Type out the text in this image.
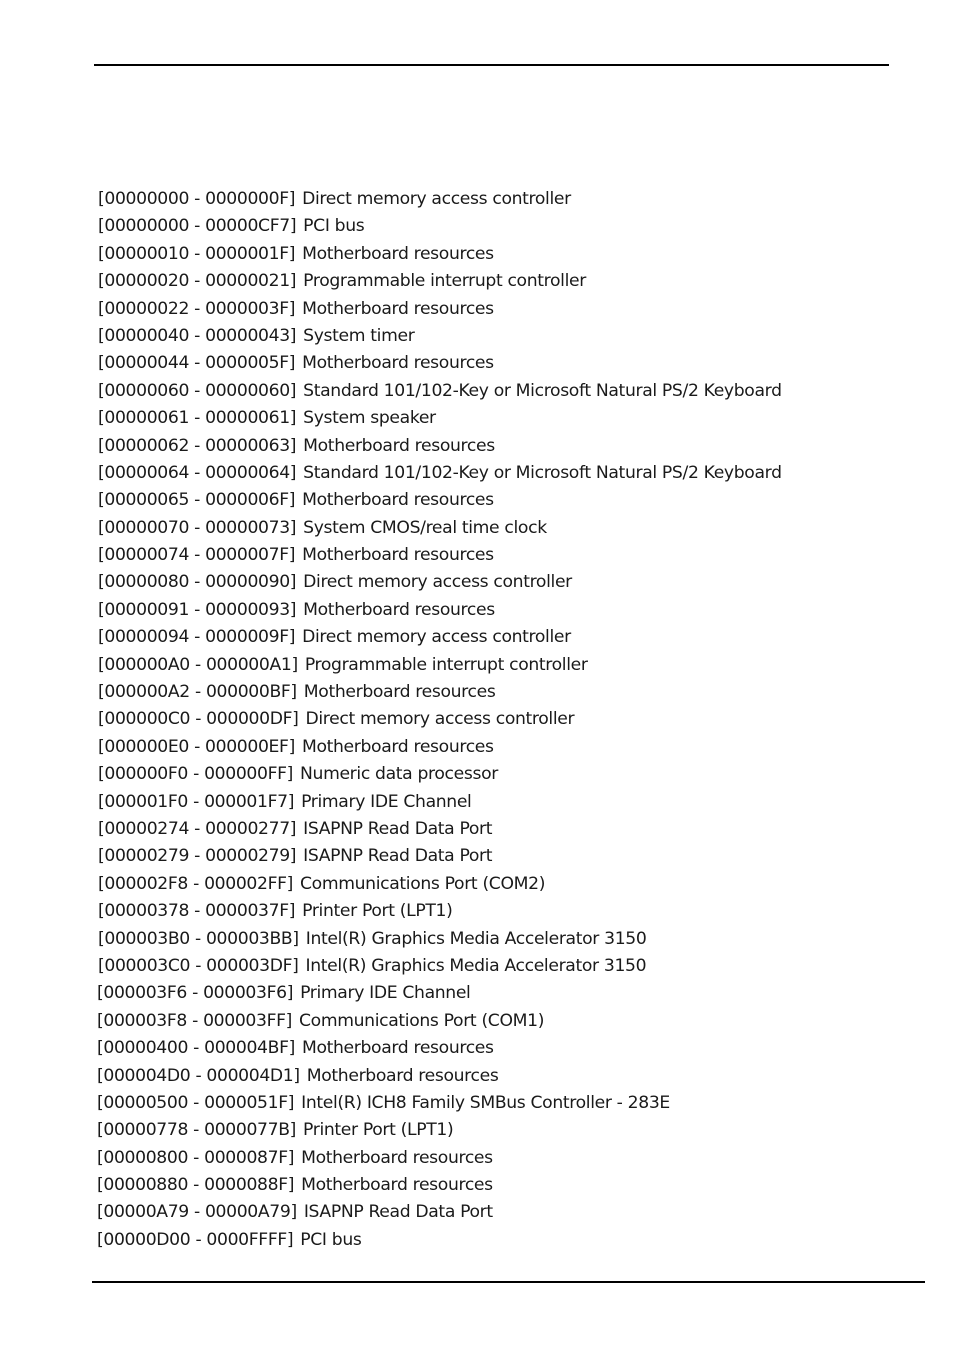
[00000000 - 0000000F] Direct memory access controller
[00000000 - 00000CF7] PCI bus
[00000010 - 0000001F] Motherboard resources
[00000020 - 00000021] Programmable interrupt controller
[00000022 - 0000003F] Motherboard resources
[00000040 - 00000043] System timer
[00000044 - 0000005F] Motherboard resources
[00000060 - 00000060] Standard 101/102-Key or Microsoft Natural PS/2 Keyboard
[00000061 - 00000061] System speaker
[00000062 - 00000063] Motherboard resources
[00000064 - 00000064] Standard 101/102-Key or Microsoft Natural PS/2 Keyboard
[00000065 - 0000006F] Motherboard resources
[00000070 - 00000073] System CMOS/real time clock
[00000074 - 0000007F] Motherboard resources
[00000080 - 00000090] Direct memory access controller
[00000091 - 00000093] Motherboard resources
[00000094 - 0000009F] Direct memory access controller
[000000A0 - 000000A1] Programmable interrupt controller
[000000A2 - 000000BF] Motherboard resources
[000000C0 - 000000DF] Direct memory access controller
[000000E0 - 000000EF] Motherboard resources
[000000F0 - 000000FF] Numeric data processor
[000001F0 - 000001F7] Primary IDE Channel
[00000274 - 00000277] ISAPNP Read Data Port
[00000279 - 00000279] ISAPNP Read Data Port
[000002F8 - 000002FF] Communications Port (COM2)
[00000378 - 0000037F] Printer Port (LPT1)
[000003B0 - 000003BB] Intel(R) Graphics Media Accelerator 3150
[000003C0 - 000003DF] Intel(R) Graphics Media Accelerator 3150
[000003F6 - 000003F6] Primary IDE Channel
[000003F8 - 000003FF] Communications Port (COM1)
[00000400 - 000004BF] Motherboard resources
[000004D0 - 000004D1] Motherboard resources
[00000500 - 0000051F] Intel(R) ICH8 Family SMBus Controller - 283E
[00000778 - 0000077B] Printer Port (LPT1)
[00000800 - 0000087F] Motherboard resources
[00000880 - 0000088F] Motherboard resources
[00000A79 - 00000A79] ISAPNP Read Data Port
[00000D00 - 0000FFFF] PCI bus
